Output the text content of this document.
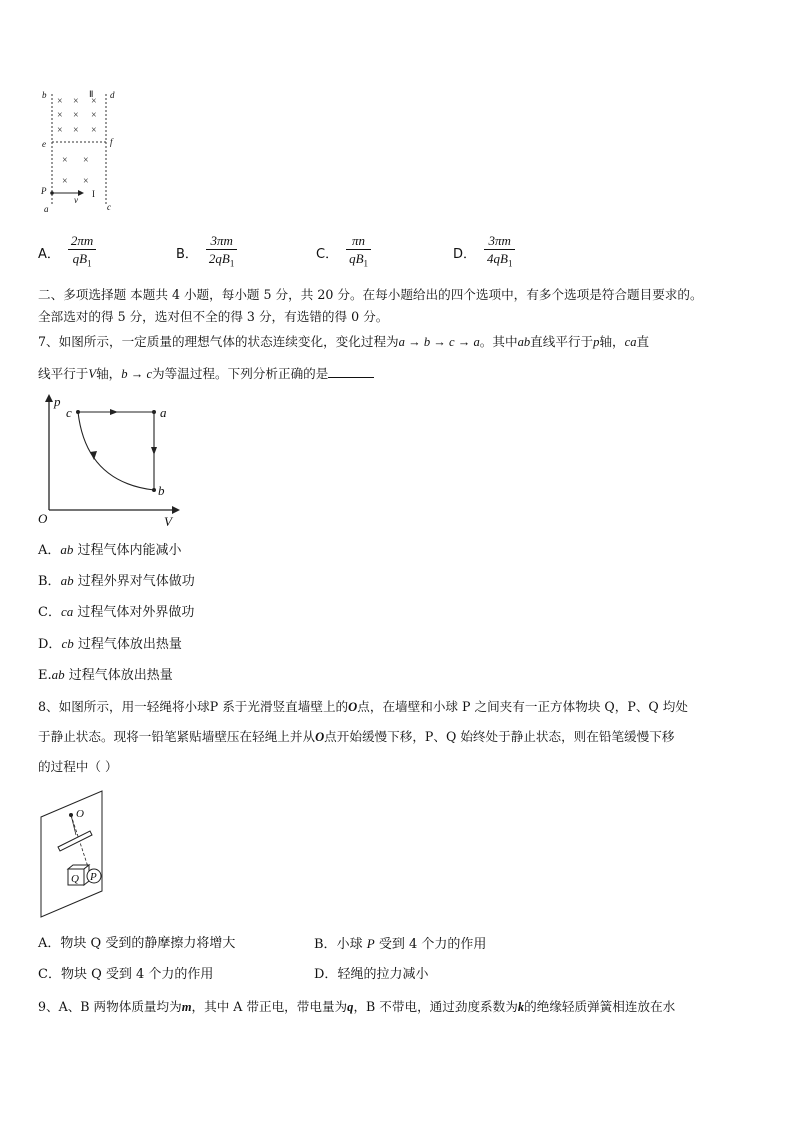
× × ×
× × ×
× × ×
× ×
× ×
b	Ⅱ d
e	f
P
v
I
a	c
A． $\frac{2\pi m}{qB_1}$	B． $\frac{3\pi m}{2qB_1}$	C． $\frac{\pi n}{qB_1}$	D． $\frac{3\pi m}{4qB_1}$
二、多项选择题 本题共 4 小题，每小题 5 分，共 20 分。在每小题给出的四个选项中，有多个选项是符合题目要求的。
全部选对的得 5 分，选对但不全的得 3 分，有选错的得 0 分。
7、如图所示，一定质量的理想气体的状态连续变化，变化过程为a → b → c → a。其中ab直线平行于p轴，ca直
线平行于V轴，b → c为等温过程。下列分析正确的是
p
c	a
b
O	V
A．ab 过程气体内能减小
B．ab 过程外界对气体做功
C．ca 过程气体对外界做功
D．cb 过程气体放出热量
E.ab 过程气体放出热量
8、如图所示，用一轻绳将小球P 系于光滑竖直墙壁上的O点，在墙壁和小球 P 之间夹有一正方体物块 Q，P、Q 均处
于静止状态。现将一铅笔紧贴墙壁压在轻绳上并从O点开始缓慢下移，P、Q 始终处于静止状态，则在铅笔缓慢下移
的过程中（ ）
O
Q P
A．物块 Q 受到的静摩擦力将增大	B．小球 P 受到 4 个力的作用
C．物块 Q 受到 4 个力的作用	D．轻绳的拉力减小
9、A、B 两物体质量均为m，其中 A 带正电，带电量为q，B 不带电，通过劲度系数为k的绝缘轻质弹簧相连放在水
